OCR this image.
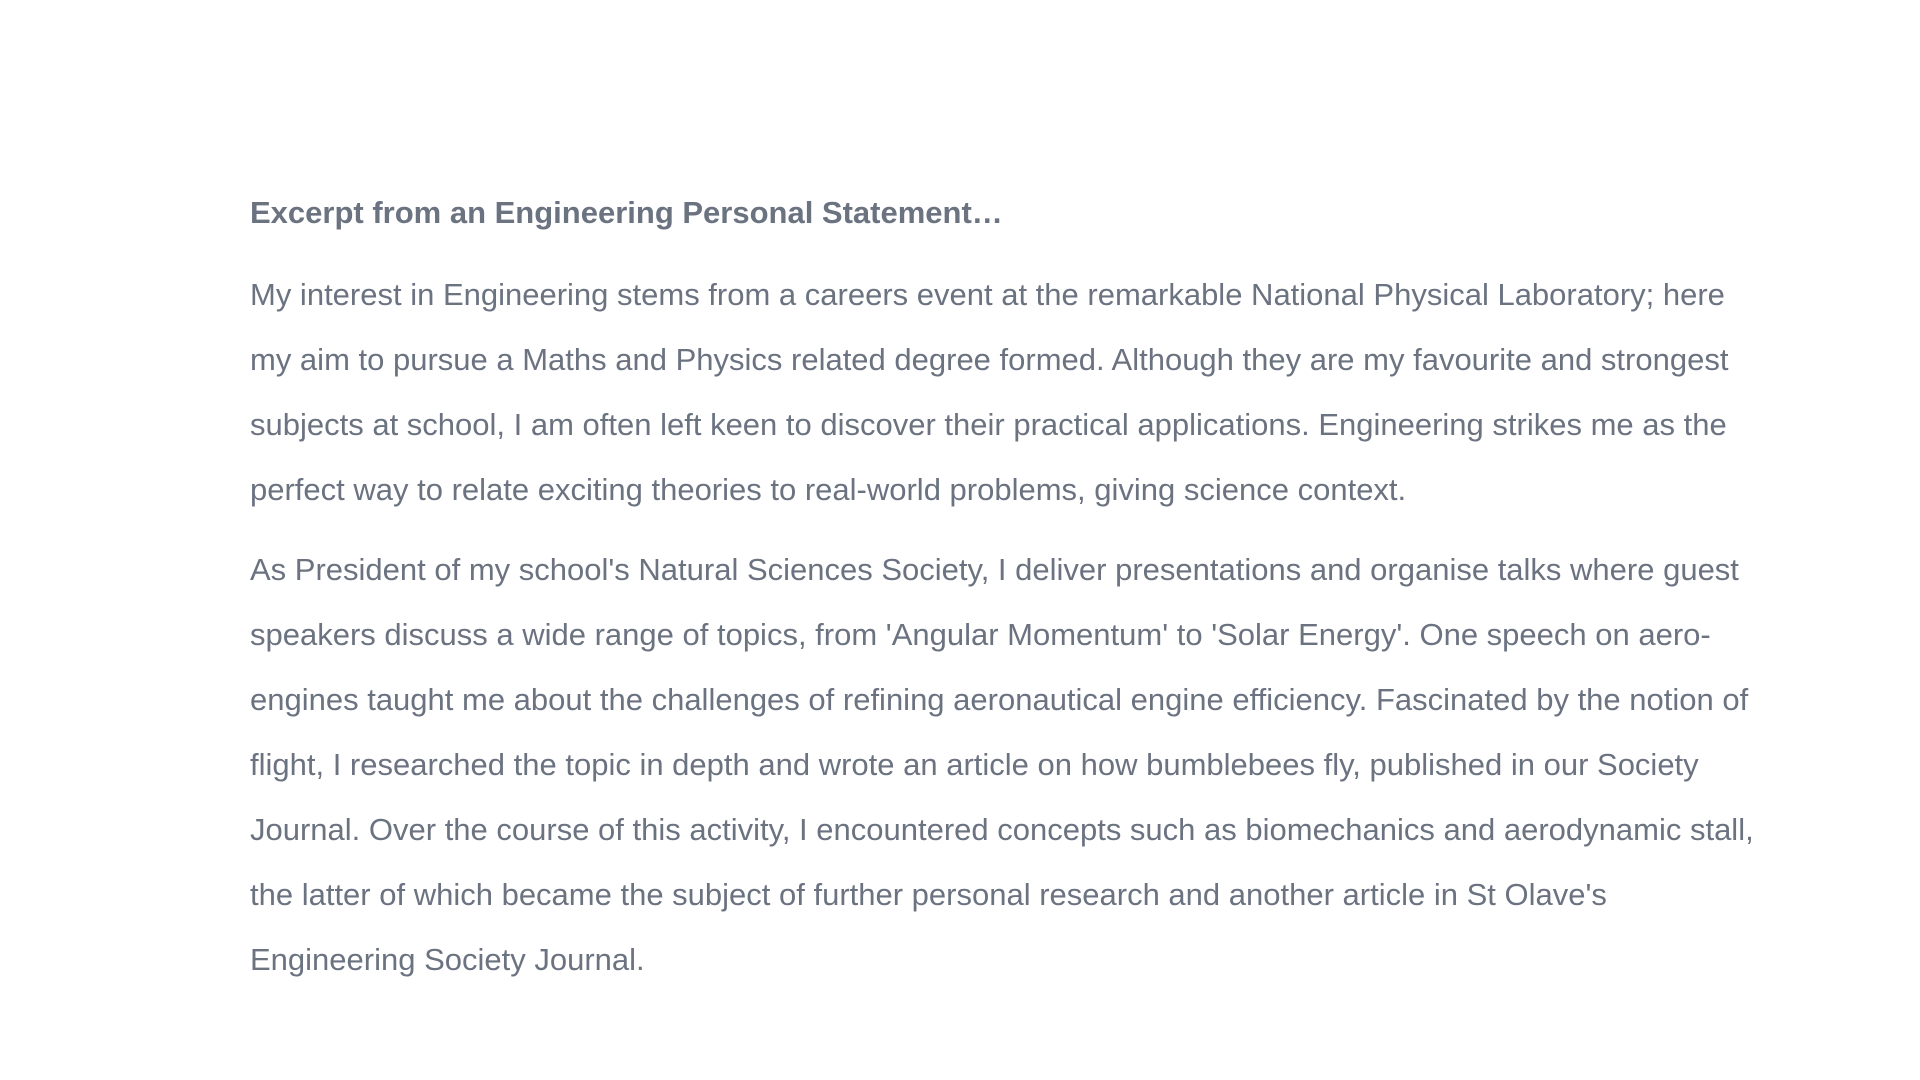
Excerpt from an Engineering Personal Statement…

My interest in Engineering stems from a careers event at the remarkable National Physical Laboratory; here my aim to pursue a Maths and Physics related degree formed. Although they are my favourite and strongest subjects at school, I am often left keen to discover their practical applications. Engineering strikes me as the perfect way to relate exciting theories to real-world problems, giving science context.

As President of my school's Natural Sciences Society, I deliver presentations and organise talks where guest speakers discuss a wide range of topics, from 'Angular Momentum' to 'Solar Energy'. One speech on aero-engines taught me about the challenges of refining aeronautical engine efficiency. Fascinated by the notion of flight, I researched the topic in depth and wrote an article on how bumblebees fly, published in our Society Journal. Over the course of this activity, I encountered concepts such as biomechanics and aerodynamic stall, the latter of which became the subject of further personal research and another article in St Olave's Engineering Society Journal.
